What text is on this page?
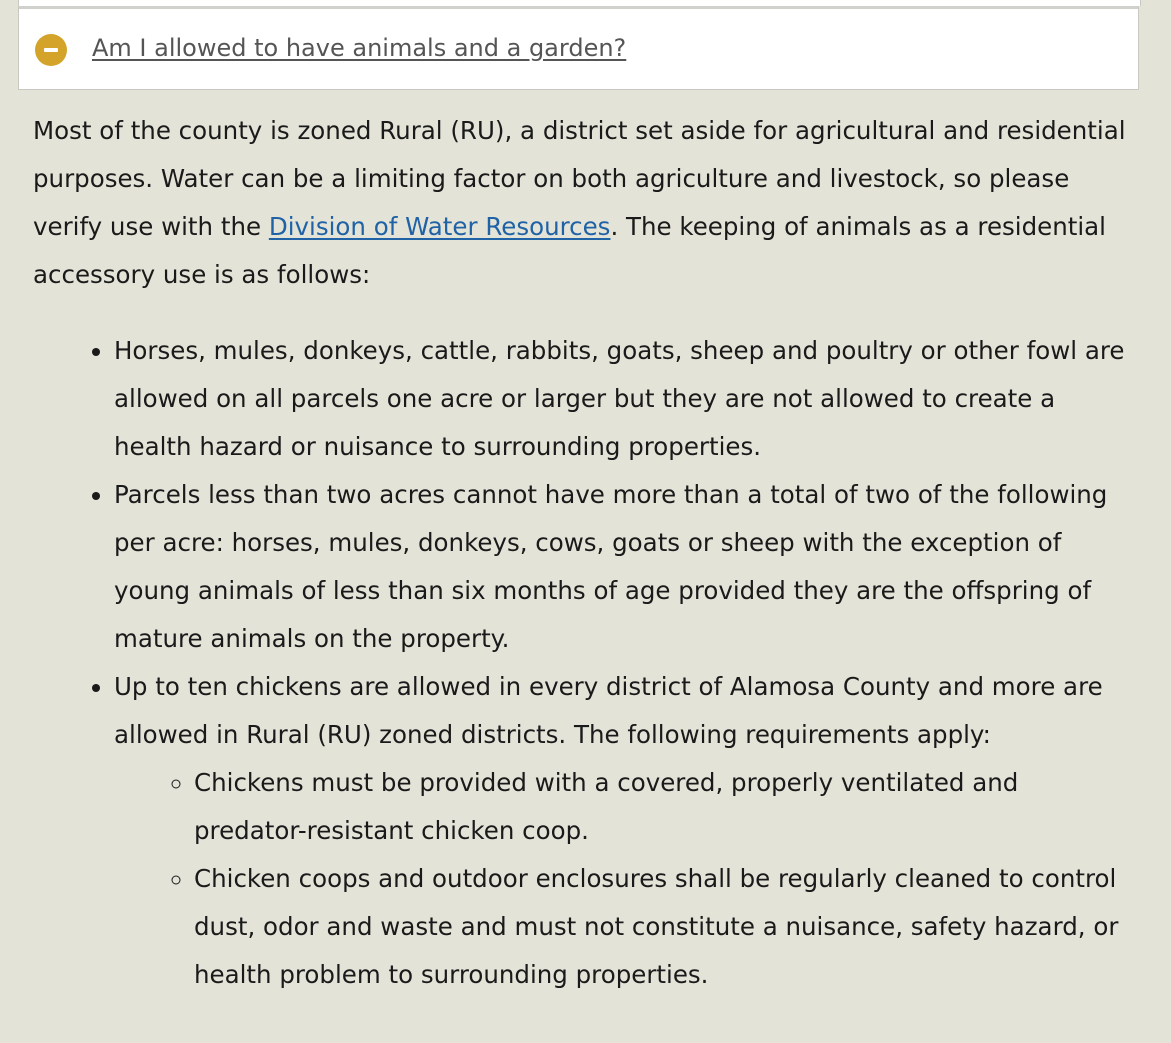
Am I allowed to have animals and a garden?

Most of the county is zoned Rural (RU), a district set aside for agricultural and residential purposes. Water can be a limiting factor on both agriculture and livestock, so please verify use with the Division of Water Resources. The keeping of animals as a residential accessory use is as follows:

• Horses, mules, donkeys, cattle, rabbits, goats, sheep and poultry or other fowl are allowed on all parcels one acre or larger but they are not allowed to create a health hazard or nuisance to surrounding properties.
• Parcels less than two acres cannot have more than a total of two of the following per acre: horses, mules, donkeys, cows, goats or sheep with the exception of young animals of less than six months of age provided they are the offspring of mature animals on the property.
• Up to ten chickens are allowed in every district of Alamosa County and more are allowed in Rural (RU) zoned districts. The following requirements apply:
◦ Chickens must be provided with a covered, properly ventilated and predator-resistant chicken coop.
◦ Chicken coops and outdoor enclosures shall be regularly cleaned to control dust, odor and waste and must not constitute a nuisance, safety hazard, or health problem to surrounding properties.
